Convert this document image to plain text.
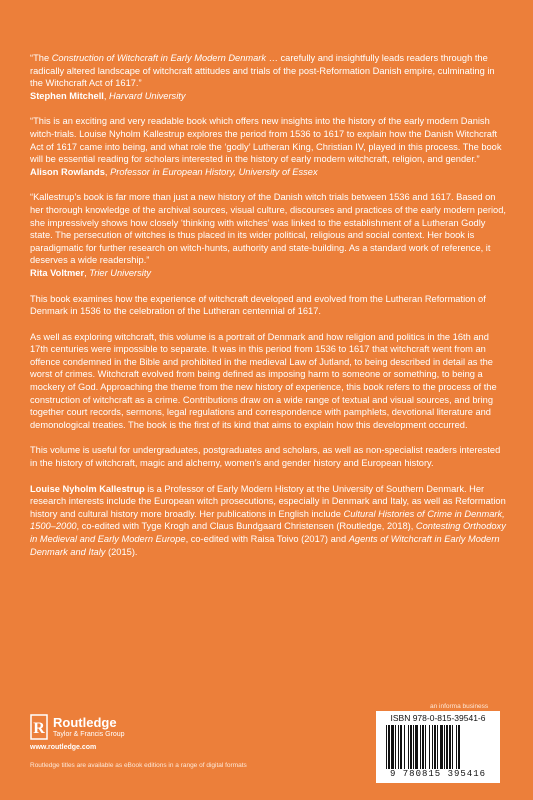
“The Construction of Witchcraft in Early Modern Denmark … carefully and insightfully leads readers through the radically altered landscape of witchcraft attitudes and trials of the post-Reformation Danish empire, culminating in the Witchcraft Act of 1617.”

Stephen Mitchell, Harvard University

“This is an exciting and very readable book which offers new insights into the history of the early modern Danish witch-trials. Louise Nyholm Kallestrup explores the period from 1536 to 1617 to explain how the Danish Witchcraft Act of 1617 came into being, and what role the ‘godly’ Lutheran King, Christian IV, played in this process. The book will be essential reading for scholars interested in the history of early modern witchcraft, religion, and gender.”

Alison Rowlands, Professor in European History, University of Essex

“Kallestrup’s book is far more than just a new history of the Danish witch trials between 1536 and 1617. Based on her thorough knowledge of the archival sources, visual culture, discourses and practices of the early modern period, she impressively shows how closely ‘thinking with witches’ was linked to the establishment of a Lutheran Godly state. The persecution of witches is thus placed in its wider political, religious and social context. Her book is paradigmatic for further research on witch-hunts, authority and state-building. As a standard work of reference, it deserves a wide readership.”

Rita Voltmer, Trier University

This book examines how the experience of witchcraft developed and evolved from the Lutheran Reformation of Denmark in 1536 to the celebration of the Lutheran centennial of 1617.

As well as exploring witchcraft, this volume is a portrait of Denmark and how religion and politics in the 16th and 17th centuries were impossible to separate. It was in this period from 1536 to 1617 that witchcraft went from an offence condemned in the Bible and prohibited in the medieval Law of Jutland, to being described in detail as the worst of crimes. Witchcraft evolved from being defined as imposing harm to someone or something, to being a mockery of God. Approaching the theme from the new history of experience, this book refers to the process of the construction of witchcraft as a crime. Contributions draw on a wide range of textual and visual sources, and bring together court records, sermons, legal regulations and correspondence with pamphlets, devotional literature and demonological treaties. The book is the first of its kind that aims to explain how this development occurred.

This volume is useful for undergraduates, postgraduates and scholars, as well as non-specialist readers interested in the history of witchcraft, magic and alchemy, women’s and gender history and European history.

Louise Nyholm Kallestrup is a Professor of Early Modern History at the University of Southern Denmark. Her research interests include the European witch prosecutions, especially in Denmark and Italy, as well as Reformation history and cultural history more broadly. Her publications in English include Cultural Histories of Crime in Denmark, 1500–2000, co-edited with Tyge Krogh and Claus Bundgaard Christensen (Routledge, 2018), Contesting Orthodoxy in Medieval and Early Modern Europe, co-edited with Raisa Toivo (2017) and Agents of Witchcraft in Early Modern Denmark and Italy (2015).

R Routledge
Taylor & Francis Group
www.routledge.com
Routledge titles are available as eBook editions in a range of digital formats
an informa business
ISBN 978-0-815-39541-6
9 780815 395416
